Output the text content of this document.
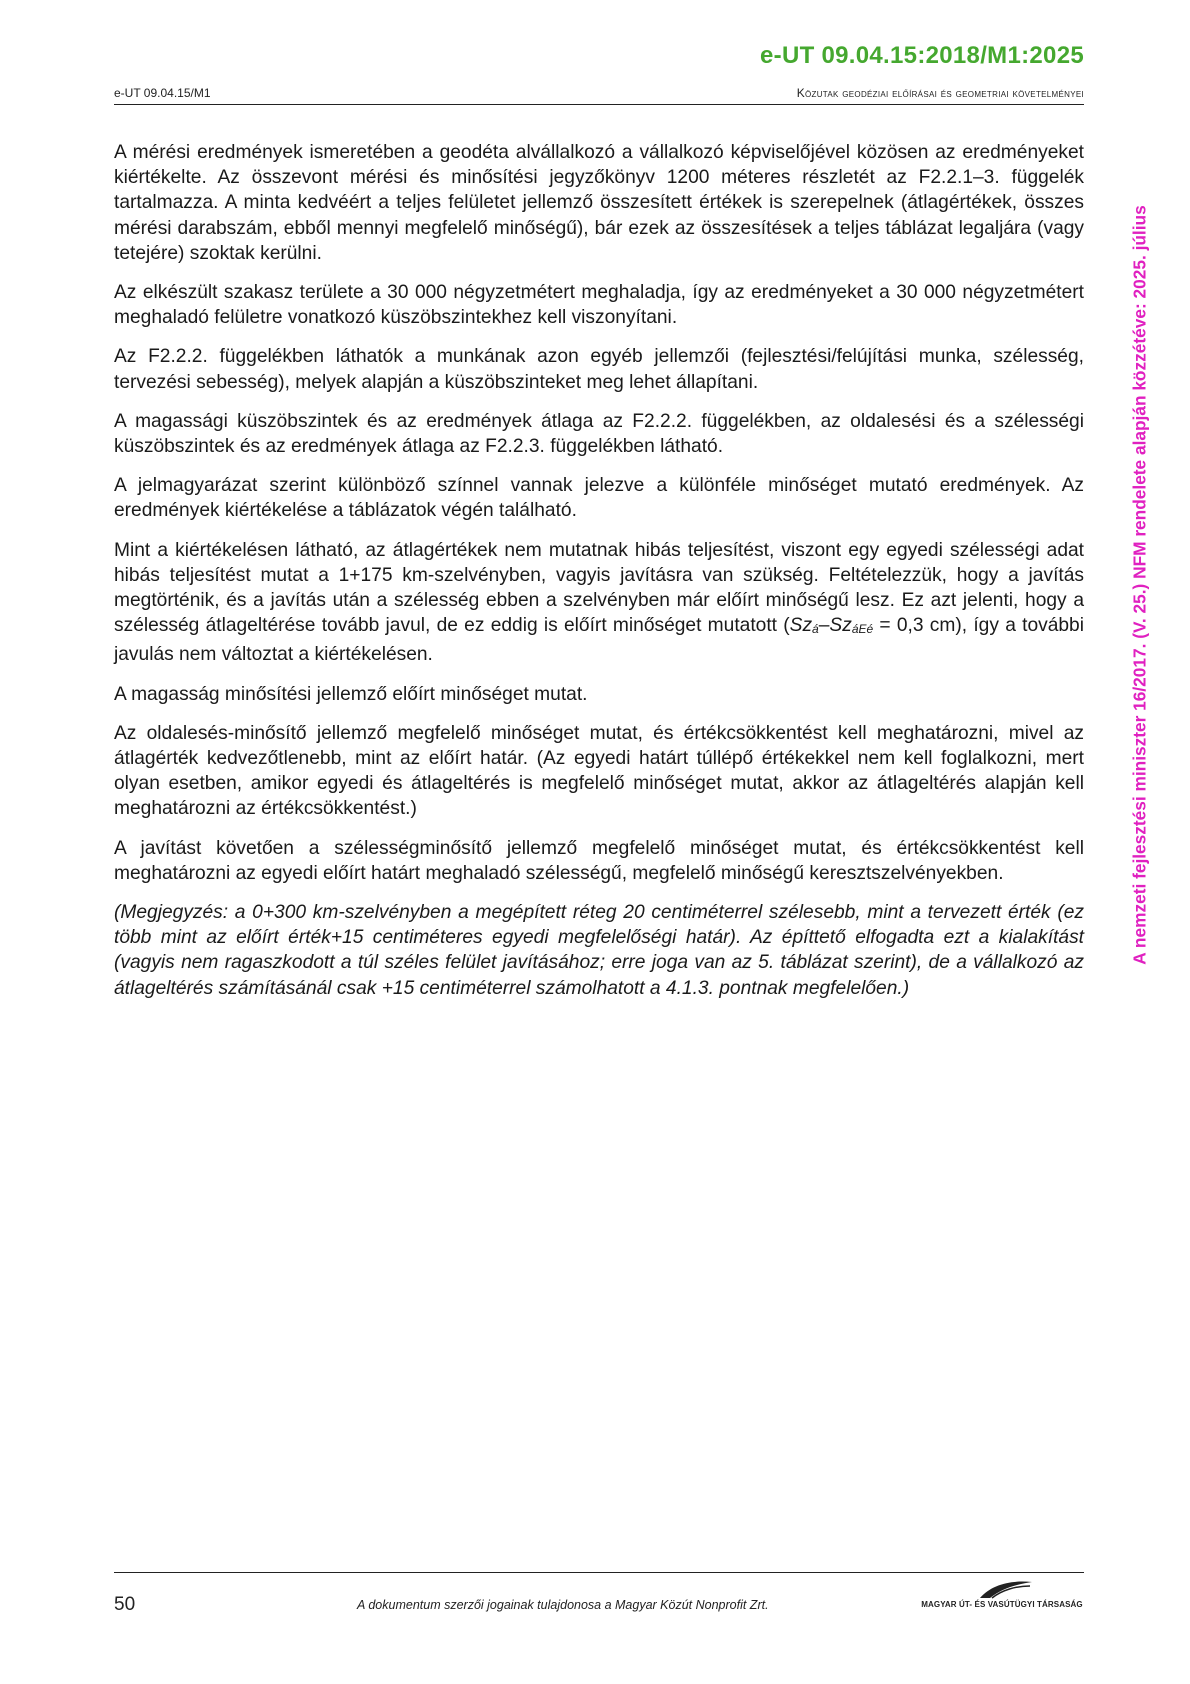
e-UT 09.04.15:2018/M1:2025
e-UT 09.04.15/M1	Közutak geodéziai előírásai és geometriai követelményei

A mérési eredmények ismeretében a geodéta alvállalkozó a vállalkozó képviselőjével közösen az eredményeket kiértékelte. Az összevont mérési és minősítési jegyzőkönyv 1200 méteres részletét az F2.2.1–3. függelék tartalmazza. A minta kedvéért a teljes felületet jellemző összesített értékek is szerepelnek (átlagértékek, összes mérési darabszám, ebből mennyi megfelelő minőségű), bár ezek az összesítések a teljes táblázat legaljára (vagy tetejére) szoktak kerülni.

Az elkészült szakasz területe a 30 000 négyzetmétert meghaladja, így az eredményeket a 30 000 négyzetmétert meghaladó felületre vonatkozó küszöbszintekhez kell viszonyítani.

Az F2.2.2. függelékben láthatók a munkának azon egyéb jellemzői (fejlesztési/felújítási munka, szélesség, tervezési sebesség), melyek alapján a küszöbszinteket meg lehet állapítani.

A magassági küszöbszintek és az eredmények átlaga az F2.2.2. függelékben, az oldalesési és a szélességi küszöbszintek és az eredmények átlaga az F2.2.3. függelékben látható.

A jelmagyarázat szerint különböző színnel vannak jelezve a különféle minőséget mutató eredmények. Az eredmények kiértékelése a táblázatok végén található.

Mint a kiértékelésen látható, az átlagértékek nem mutatnak hibás teljesítést, viszont egy egyedi szélességi adat hibás teljesítést mutat a 1+175 km-szelvényben, vagyis javításra van szükség. Feltételezzük, hogy a javítás megtörténik, és a javítás után a szélesség ebben a szelvényben már előírt minőségű lesz. Ez azt jelenti, hogy a szélesség átlageltérése tovább javul, de ez eddig is előírt minőséget mutatott (Szá–SzáEé = 0,3 cm), így a további javulás nem változtat a kiértékelésen.

A magasság minősítési jellemző előírt minőséget mutat.

Az oldalesés-minősítő jellemző megfelelő minőséget mutat, és értékcsökkentést kell meghatározni, mivel az átlagérték kedvezőtlenebb, mint az előírt határ. (Az egyedi határt túllépő értékekkel nem kell foglalkozni, mert olyan esetben, amikor egyedi és átlageltérés is megfelelő minőséget mutat, akkor az átlageltérés alapján kell meghatározni az értékcsökkentést.)

A javítást követően a szélességminősítő jellemző megfelelő minőséget mutat, és értékcsökkentést kell meghatározni az egyedi előírt határt meghaladó szélességű, megfelelő minőségű keresztszelvényekben.

(Megjegyzés: a 0+300 km-szelvényben a megépített réteg 20 centiméterrel szélesebb, mint a tervezett érték (ez több mint az előírt érték+15 centiméteres egyedi megfelelőségi határ). Az építtető elfogadta ezt a kialakítást (vagyis nem ragaszkodott a túl széles felület javításához; erre joga van az 5. táblázat szerint), de a vállalkozó az átlageltérés számításánál csak +15 centiméterrel számolhatott a 4.1.3. pontnak megfelelően.)

A nemzeti fejlesztési miniszter 16/2017. (V. 25.) NFM rendelete alapján közzétéve: 2025. július
50	A dokumentum szerzői jogainak tulajdonosa a Magyar Közút Nonprofit Zrt.	MAGYAR ÚT- ÉS VASÚTÜGYI TÁRSASÁG
